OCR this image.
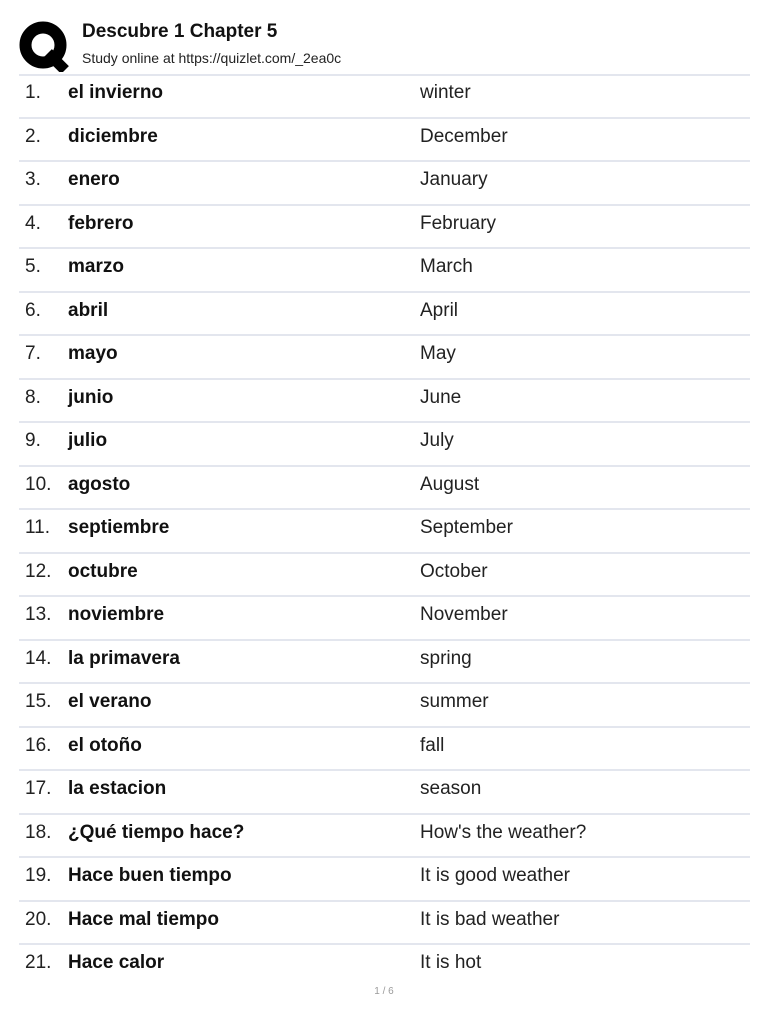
Descubre 1 Chapter 5
Study online at https://quizlet.com/_2ea0c
1. el invierno	winter
2. diciembre	December
3. enero	January
4. febrero	February
5. marzo	March
6. abril	April
7. mayo	May
8. junio	June
9. julio	July
10. agosto	August
11. septiembre	September
12. octubre	October
13. noviembre	November
14. la primavera	spring
15. el verano	summer
16. el otoño	fall
17. la estacion	season
18. ¿Qué tiempo hace?	How's the weather?
19. Hace buen tiempo	It is good weather
20. Hace mal tiempo	It is bad weather
21. Hace calor	It is hot
1 / 6
